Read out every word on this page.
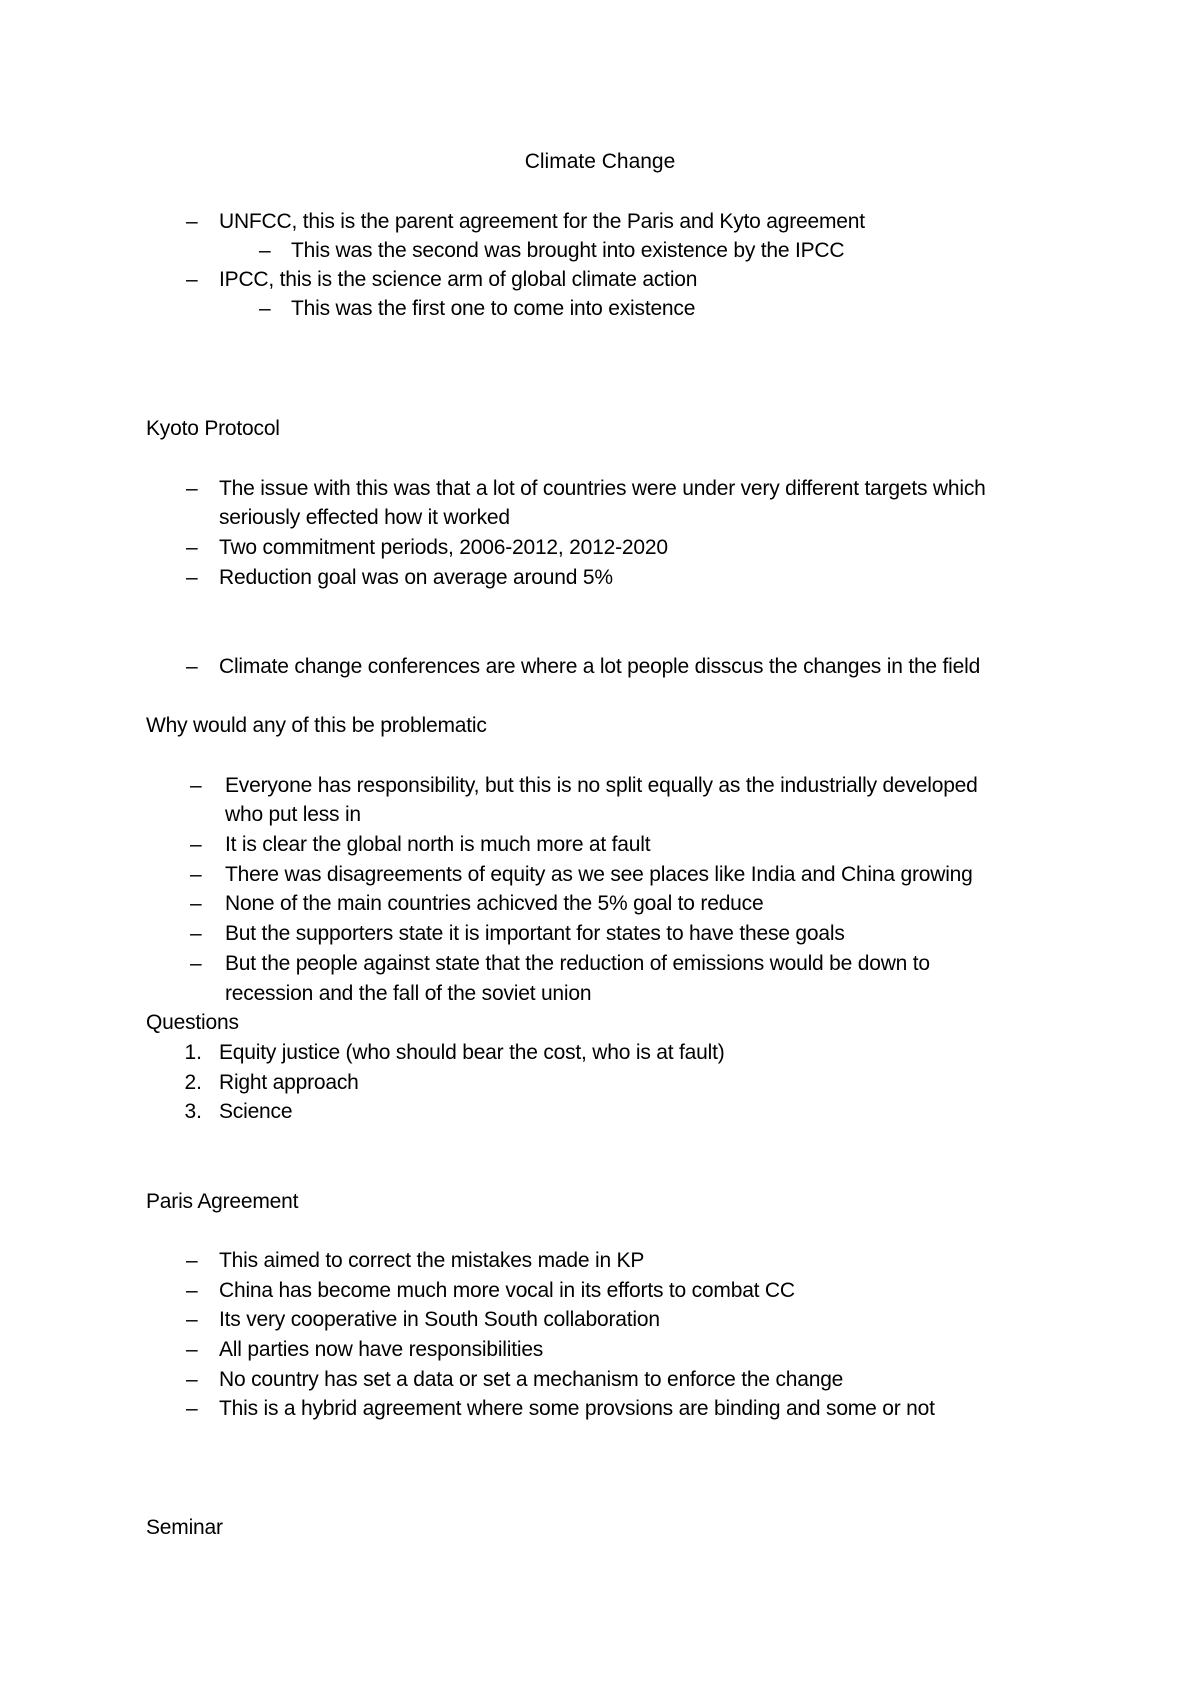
Climate Change
– UNFCC, this is the parent agreement for the Paris and Kyto agreement
– This was the second was brought into existence by the IPCC
– IPCC, this is the science arm of global climate action
– This was the first one to come into existence
Kyoto Protocol
– The issue with this was that a lot of countries were under very different targets which
seriously effected how it worked
– Two commitment periods, 2006-2012, 2012-2020
– Reduction goal was on average around 5%
– Climate change conferences are where a lot people disscus the changes in the field
Why would any of this be problematic
– Everyone has responsibility, but this is no split equally as the industrially developed
who put less in
– It is clear the global north is much more at fault
– There was disagreements of equity as we see places like India and China growing
– None of the main countries achicved the 5% goal to reduce
– But the supporters state it is important for states to have these goals
– But the people against state that the reduction of emissions would be down to
recession and the fall of the soviet union
Questions
1. Equity justice (who should bear the cost, who is at fault)
2. Right approach
3. Science
Paris Agreement
– This aimed to correct the mistakes made in KP
– China has become much more vocal in its efforts to combat CC
– Its very cooperative in South South collaboration
– All parties now have responsibilities
– No country has set a data or set a mechanism to enforce the change
– This is a hybrid agreement where some provsions are binding and some or not
Seminar
